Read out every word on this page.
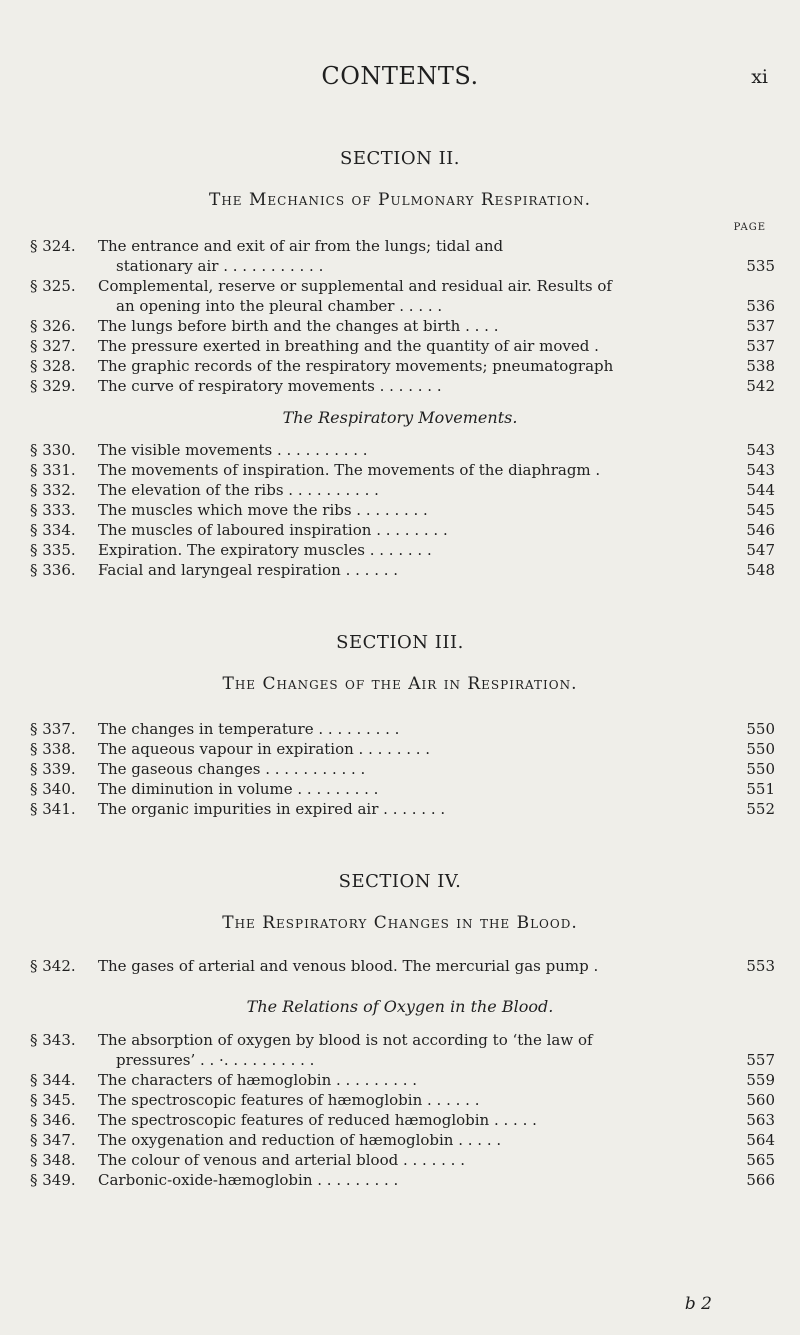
CONTENTS.	xi
SECTION II.
The Mechanics of Pulmonary Respiration.
PAGE
§ 324.	The entrance and exit of air from the lungs; tidal and
stationary air . . . . . . . . . . .	535
§ 325.	Complemental, reserve or supplemental and residual air. Results of
an opening into the pleural chamber . . . . .	536
§ 326.	The lungs before birth and the changes at birth . . . .	537
§ 327.	The pressure exerted in breathing and the quantity of air moved .	537
§ 328.	The graphic records of the respiratory movements; pneumatograph	538
§ 329.	The curve of respiratory movements . . . . . . .	542
The Respiratory Movements.
§ 330.	The visible movements . . . . . . . . . .	543
§ 331.	The movements of inspiration. The movements of the diaphragm .	543
§ 332.	The elevation of the ribs . . . . . . . . . .	544
§ 333.	The muscles which move the ribs . . . . . . . .	545
§ 334.	The muscles of laboured inspiration . . . . . . . .	546
§ 335.	Expiration. The expiratory muscles . . . . . . .	547
§ 336.	Facial and laryngeal respiration . . . . . .	548
SECTION III.
The Changes of the Air in Respiration.
§ 337.	The changes in temperature . . . . . . . . .	550
§ 338.	The aqueous vapour in expiration . . . . . . . .	550
§ 339.	The gaseous changes . . . . . . . . . . .	550
§ 340.	The diminution in volume . . . . . . . . .	551
§ 341.	The organic impurities in expired air . . . . . . .	552
SECTION IV.
The Respiratory Changes in the Blood.
§ 342.	The gases of arterial and venous blood. The mercurial gas pump .	553
The Relations of Oxygen in the Blood.
§ 343.	The absorption of oxygen by blood is not according to ‘the law of
pressures’ . . ·. . . . . . . . . .	557
§ 344.	The characters of hæmoglobin . . . . . . . . .	559
§ 345.	The spectroscopic features of hæmoglobin . . . . . .	560
§ 346.	The spectroscopic features of reduced hæmoglobin . . . . .	563
§ 347.	The oxygenation and reduction of hæmoglobin . . . . .	564
§ 348.	The colour of venous and arterial blood . . . . . . .	565
§ 349.	Carbonic-oxide-hæmoglobin . . . . . . . . .	566
b 2
